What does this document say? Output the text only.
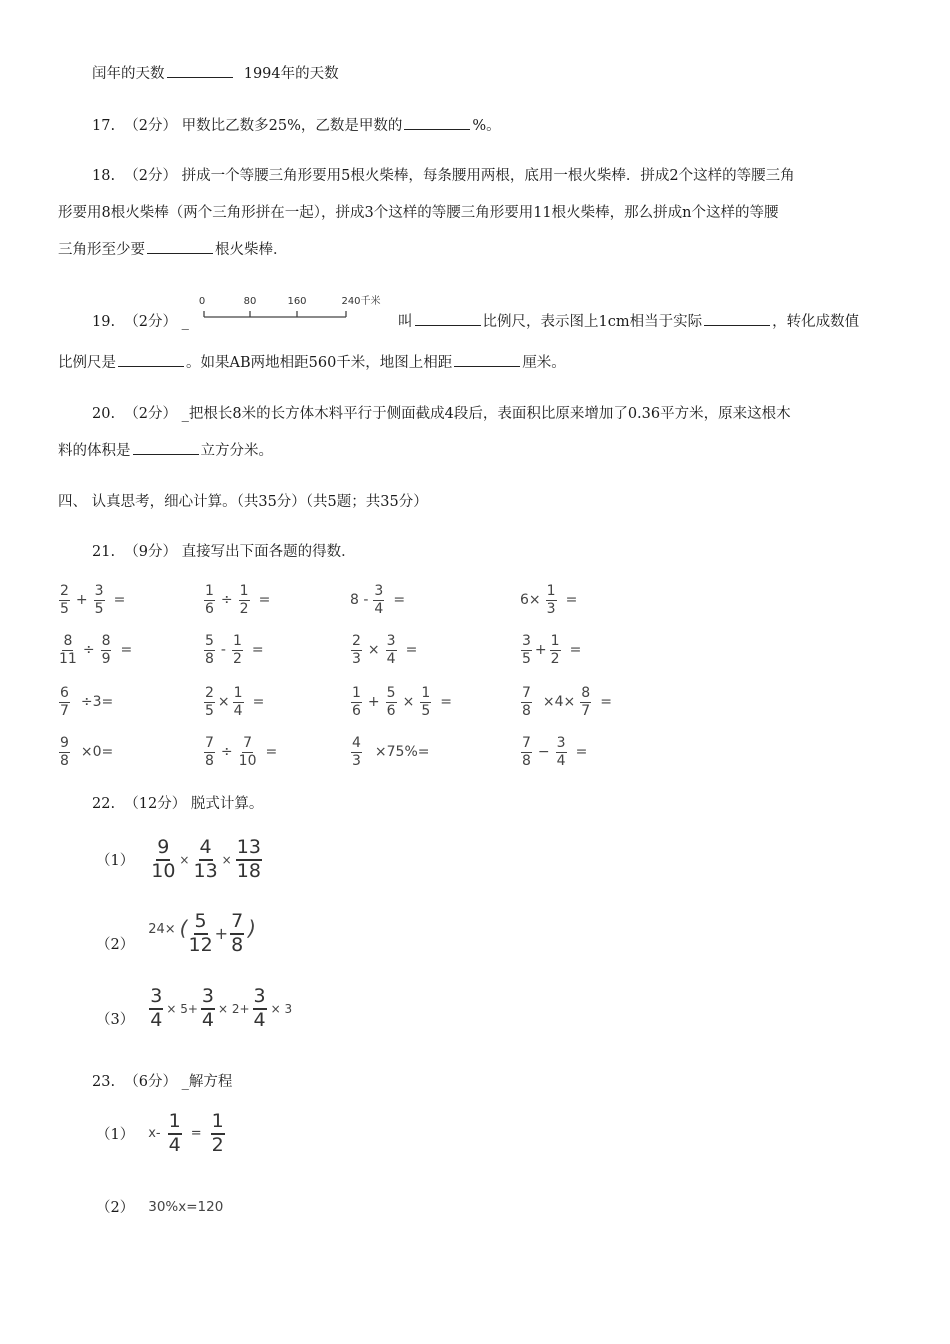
闰年的天数	1994年的天数
17. （2分） 甲数比乙数多25%，乙数是甲数的	%。
18. （2分） 拼成一个等腰三角形要用5根火柴棒，每条腰用两根，底用一根火柴棒．拼成2个这样的等腰三角
形要用8根火柴棒（两个三角形拼在一起），拼成3个这样的等腰三角形要用11根火柴棒，那么拼成n个这样的等腰
三角形至少要	根火柴棒．
0	80	160	240千米
19. （2分） _	叫	比例尺，表示图上1cm相当于实际	，转化成数值
比例尺是	。如果AB两地相距560千米，地图上相距	厘米。
20. （2分） _把根长8米的长方体木料平行于侧面截成4段后，表面积比原来增加了0.36平方米，原来这根木
料的体积是	立方分米。
四、 认真思考，细心计算。（共35分）（共5题；共35分）
21. （9分） 直接写出下面各题的得数．
$\frac{2}{5} + \frac{3}{5}$ =	$\frac{1}{6} \div \frac{1}{2}$ =	$8 - \frac{3}{4}$ =	$6\times \frac{1}{3}$ =
$\frac{8}{11} \div \frac{8}{9}$ =	$\frac{5}{8} - \frac{1}{2}$ =	$\frac{2}{3} \times \frac{3}{4}$ =	$\frac{3}{5} + \frac{1}{2}$ =
$\frac{6}{7} \div 3=$	$\frac{2}{5} \times \frac{1}{4}$ =	$\frac{1}{6} + \frac{5}{6} \times \frac{1}{5}$ =	$\frac{7}{8} \times 4\times \frac{8}{7}$ =
$\frac{9}{8} \times 0=$	$\frac{7}{8} \div \frac{7}{10}$ =	$\frac{4}{3} \times 75\%=$	$\frac{7}{8} - \frac{3}{4}$ =
22. （12分） 脱式计算。
$(1) \frac{9}{10} \times \frac{4}{13} \times \frac{13}{18}$
（2）
24× ( $\frac{5}{12} + \frac{7}{8}$ )
$(3) \frac{3}{4} \times 5+ \frac{3}{4} \times 2+ \frac{3}{4} \times 3$
23. （6分） _解方程
（1） $x- \frac{1}{4} = \frac{1}{2}$
（2） 30%x=120
